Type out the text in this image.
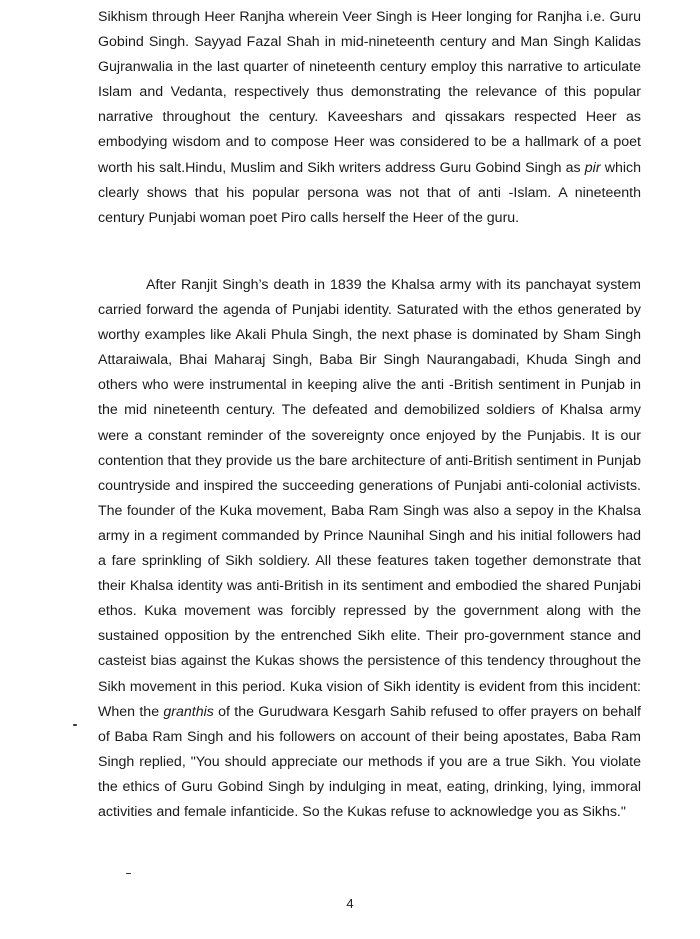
Sikhism through Heer Ranjha wherein Veer Singh is Heer longing for Ranjha i.e. Guru Gobind Singh. Sayyad Fazal Shah in mid-nineteenth century and Man Singh Kalidas Gujranwalia in the last quarter of nineteenth century employ this narrative to articulate Islam and Vedanta, respectively thus demonstrating the relevance of this popular narrative throughout the century. Kaveeshars and qissakars respected Heer as embodying wisdom and to compose Heer was considered to be a hallmark of a poet worth his salt.Hindu, Muslim and Sikh writers address Guru Gobind Singh as pir which clearly shows that his popular persona was not that of anti -Islam. A nineteenth century Punjabi woman poet Piro calls herself the Heer of the guru.

After Ranjit Singh’s death in 1839 the Khalsa army with its panchayat system carried forward the agenda of Punjabi identity. Saturated with the ethos generated by worthy examples like Akali Phula Singh, the next phase is dominated by Sham Singh Attaraiwala, Bhai Maharaj Singh, Baba Bir Singh Naurangabadi, Khuda Singh and others who were instrumental in keeping alive the anti -British sentiment in Punjab in the mid nineteenth century. The defeated and demobilized soldiers of Khalsa army were a constant reminder of the sovereignty once enjoyed by the Punjabis. It is our contention that they provide us the bare architecture of anti-British sentiment in Punjab countryside and inspired the succeeding generations of Punjabi anti-colonial activists. The founder of the Kuka movement, Baba Ram Singh was also a sepoy in the Khalsa army in a regiment commanded by Prince Naunihal Singh and his initial followers had a fare sprinkling of Sikh soldiery. All these features taken together demonstrate that their Khalsa identity was anti-British in its sentiment and embodied the shared Punjabi ethos. Kuka movement was forcibly repressed by the government along with the sustained opposition by the entrenched Sikh elite. Their pro-government stance and casteist bias against the Kukas shows the persistence of this tendency throughout the Sikh movement in this period. Kuka vision of Sikh identity is evident from this incident: When the granthis of the Gurudwara Kesgarh Sahib refused to offer prayers on behalf of Baba Ram Singh and his followers on account of their being apostates, Baba Ram Singh replied, "You should appreciate our methods if you are a true Sikh. You violate the ethics of Guru Gobind Singh by indulging in meat, eating, drinking, lying, immoral activities and female infanticide. So the Kukas refuse to acknowledge you as Sikhs."

4
